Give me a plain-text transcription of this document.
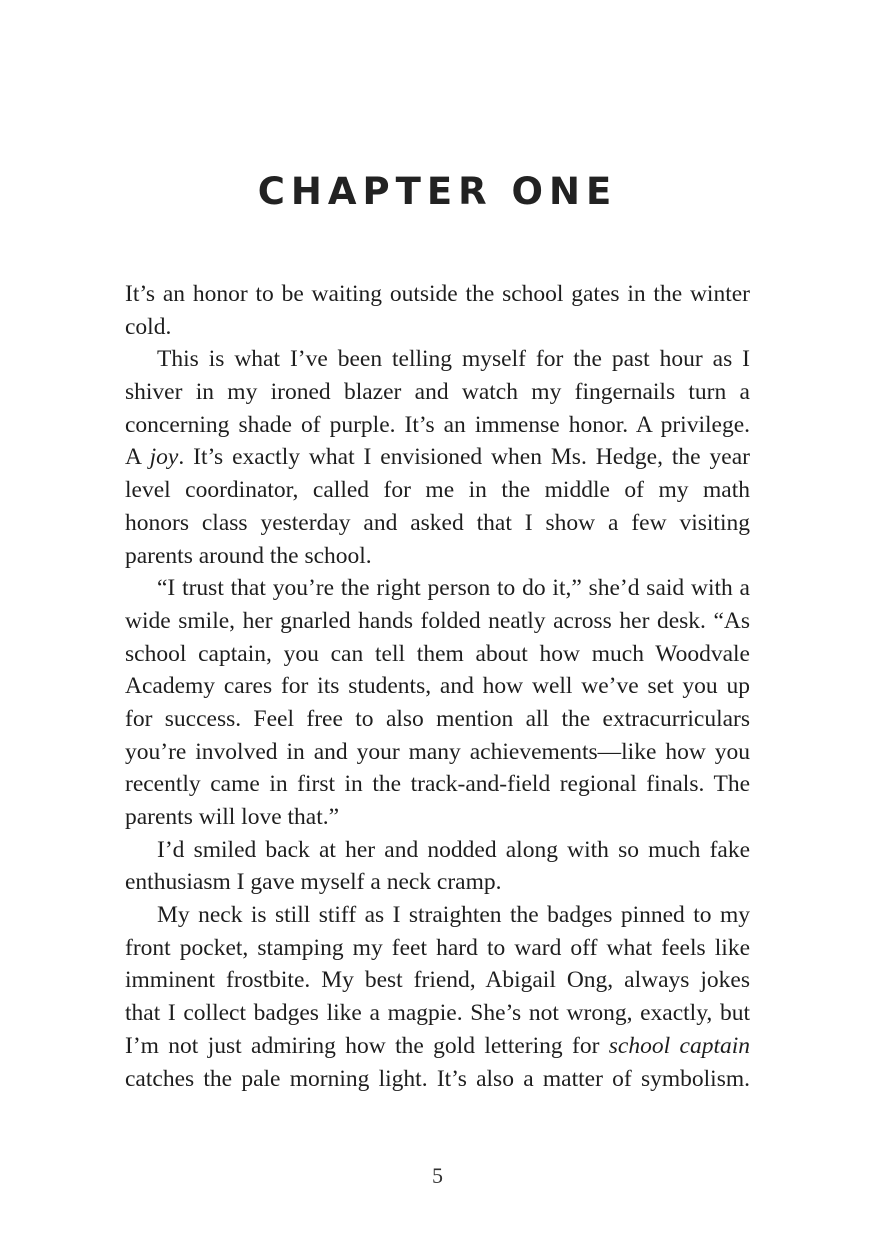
CHAPTER ONE
It’s an honor to be waiting outside the school gates in the winter
cold.
This is what I’ve been telling myself for the past hour as I
shiver in my ironed blazer and watch my fingernails turn a
concerning shade of purple. It’s an immense honor. A privilege.
A joy. It’s exactly what I envisioned when Ms. Hedge, the year
level coordinator, called for me in the middle of my math
honors class yesterday and asked that I show a few visiting
parents around the school.
“I trust that you’re the right person to do it,” she’d said with a
wide smile, her gnarled hands folded neatly across her desk. “As
school captain, you can tell them about how much Woodvale
Academy cares for its students, and how well we’ve set you up
for success. Feel free to also mention all the extracurriculars
you’re involved in and your many achievements—like how you
recently came in first in the track-and-field regional finals. The
parents will love that.”
I’d smiled back at her and nodded along with so much fake
enthusiasm I gave myself a neck cramp.
My neck is still stiff as I straighten the badges pinned to my
front pocket, stamping my feet hard to ward off what feels like
imminent frostbite. My best friend, Abigail Ong, always jokes
that I collect badges like a magpie. She’s not wrong, exactly, but
I’m not just admiring how the gold lettering for school captain
catches the pale morning light. It’s also a matter of symbolism.
5
